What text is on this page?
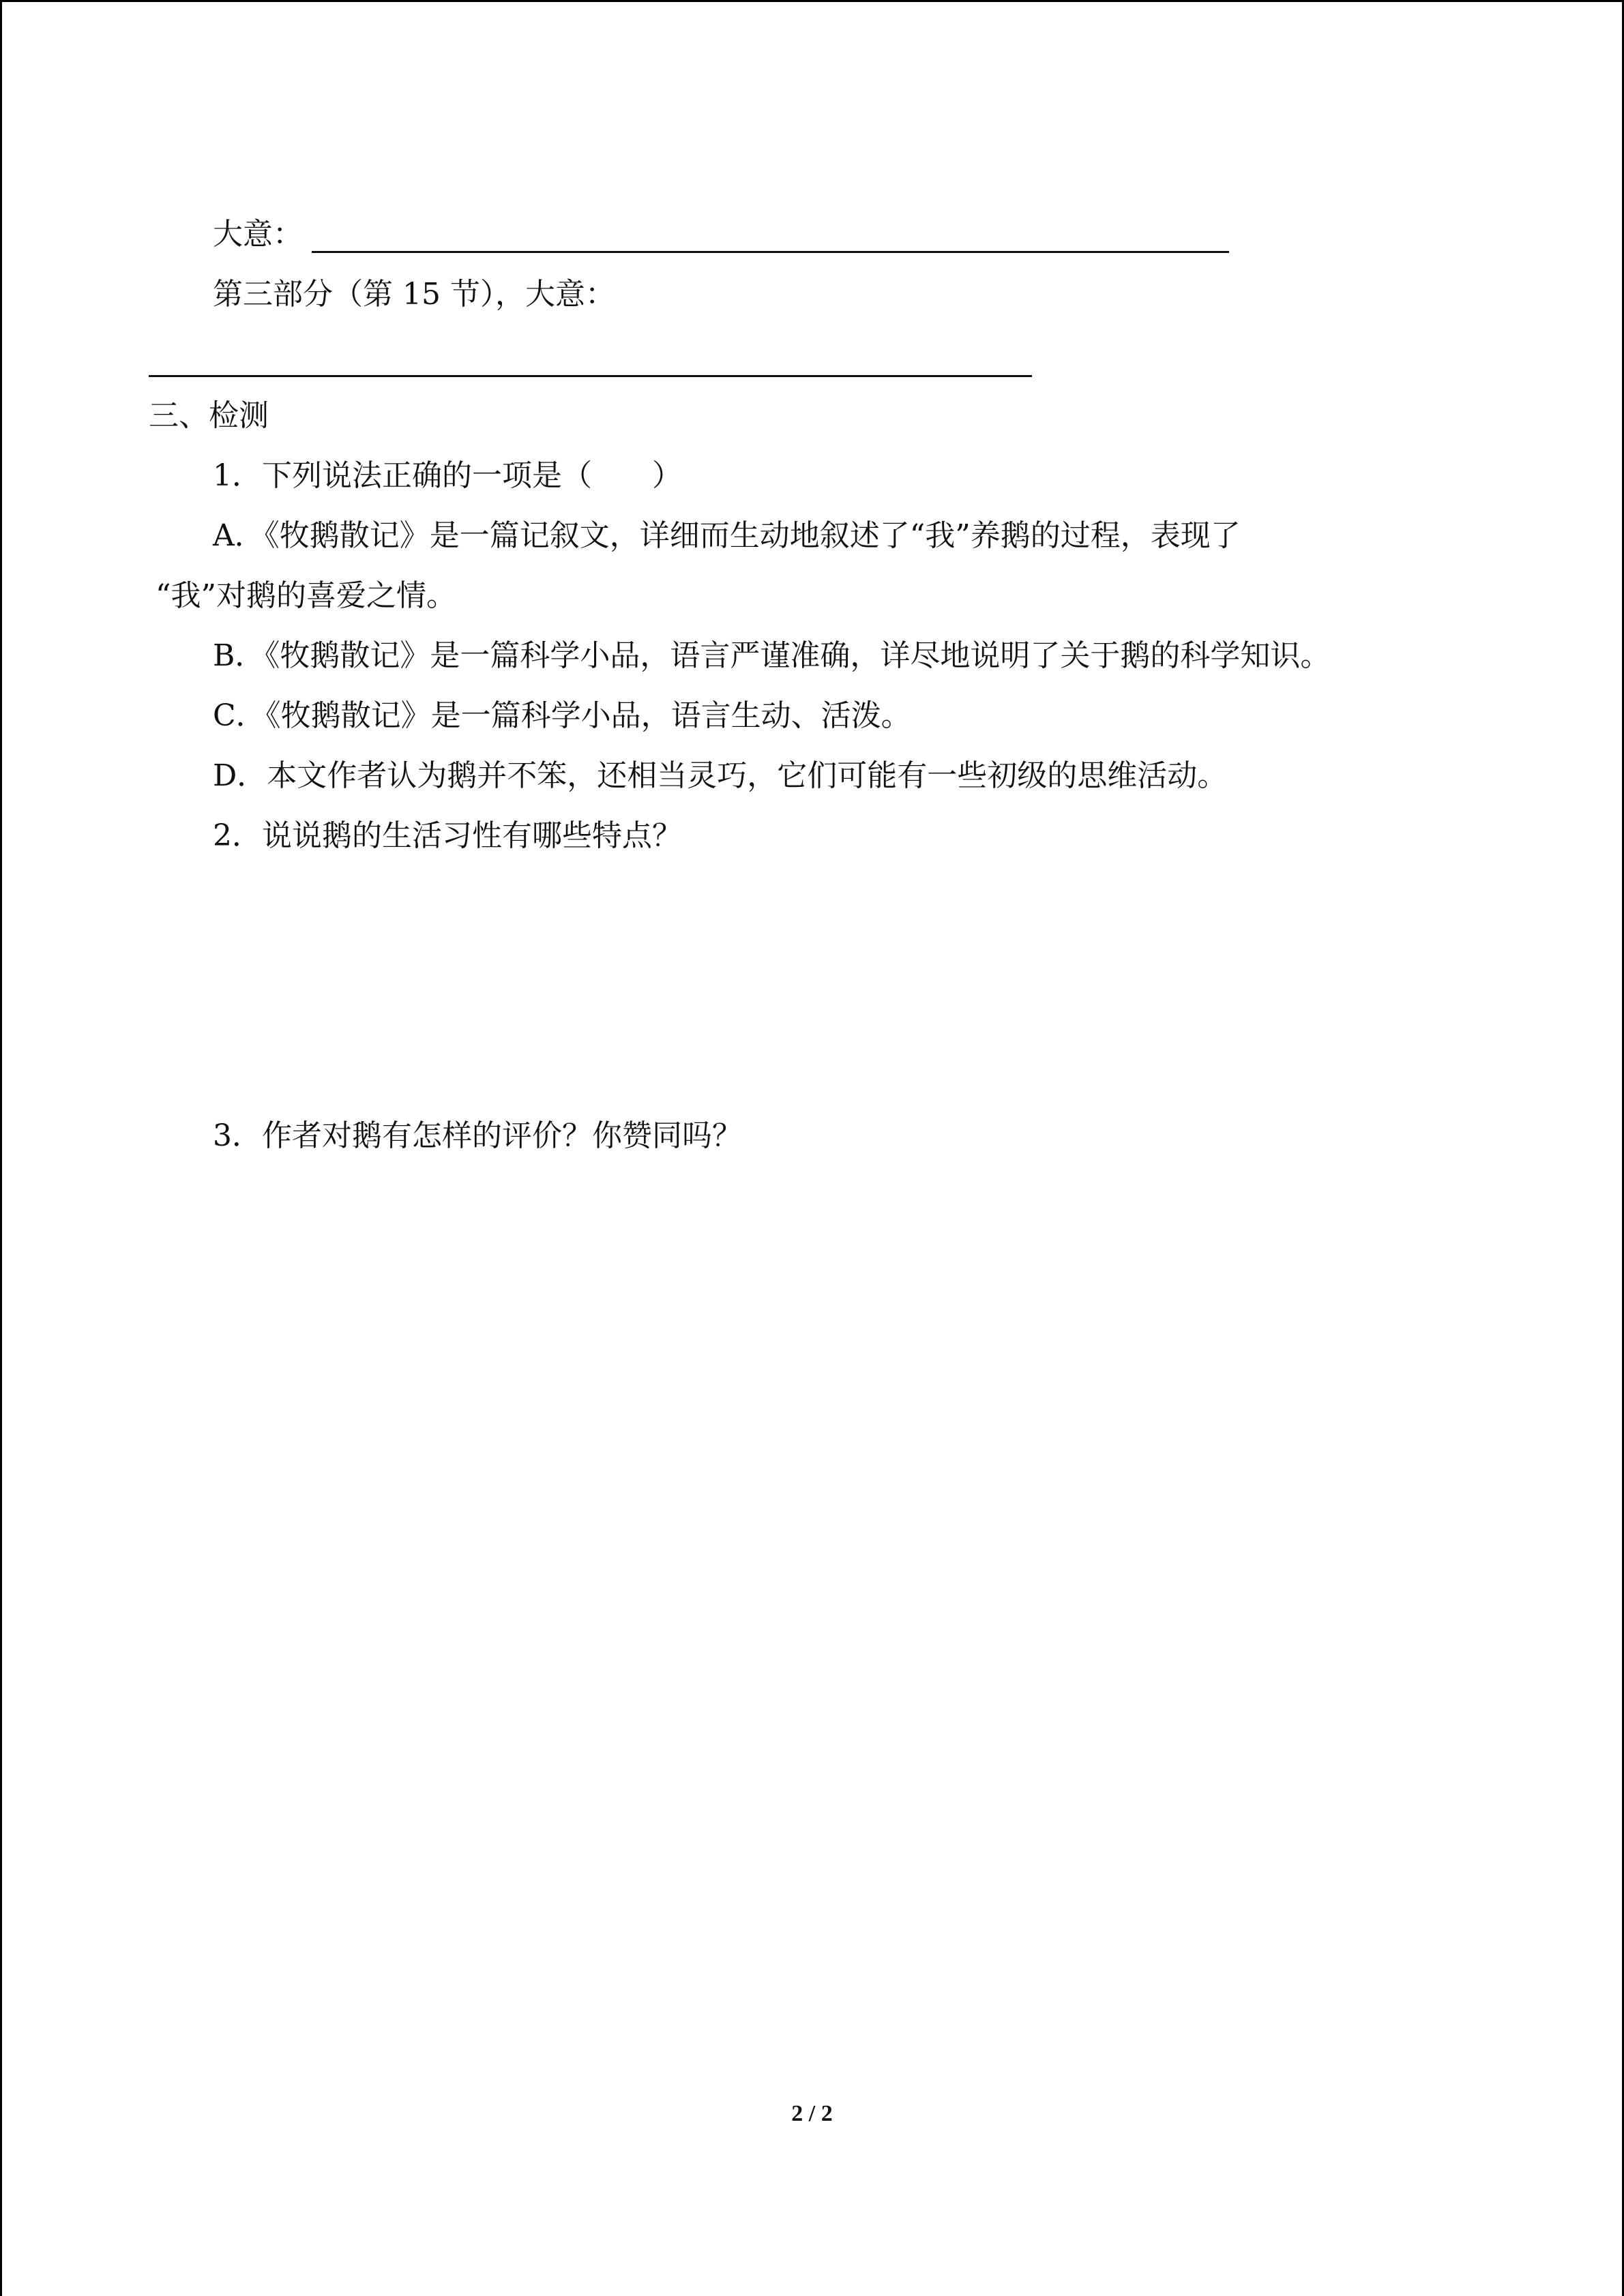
大意：
第三部分（第 15 节），大意：
三、检测
1．下列说法正确的一项是（　　）
A．《牧鹅散记》是一篇记叙文，详细而生动地叙述了“我”养鹅的过程，表现了
“我”对鹅的喜爱之情。
B．《牧鹅散记》是一篇科学小品，语言严谨准确，详尽地说明了关于鹅的科学知识。
C．《牧鹅散记》是一篇科学小品，语言生动、活泼。
D．本文作者认为鹅并不笨，还相当灵巧，它们可能有一些初级的思维活动。
2．说说鹅的生活习性有哪些特点？
3．作者对鹅有怎样的评价？你赞同吗？
2 / 2
